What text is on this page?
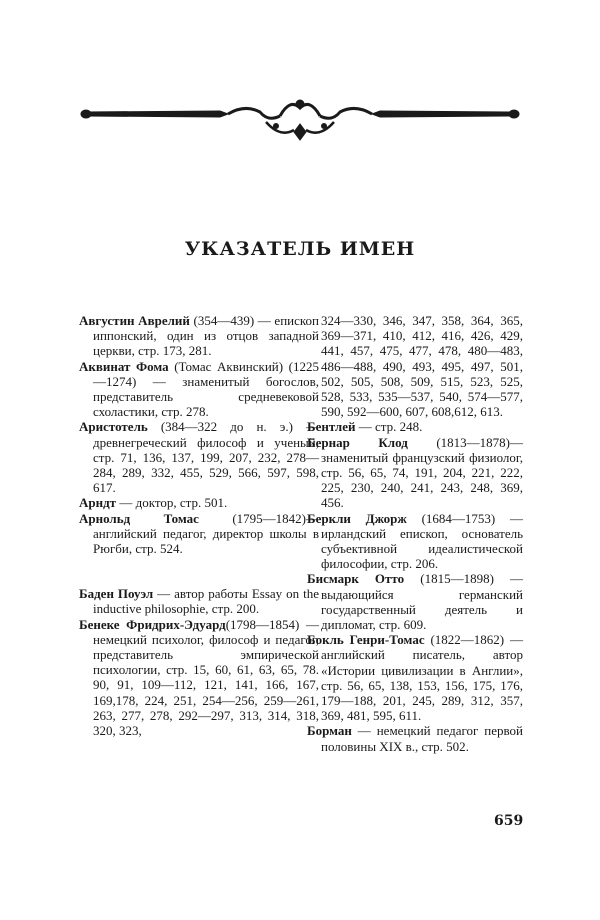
УКАЗАТЕЛЬ ИМЕН

Августин Аврелий (354—439) — епископ иппонский, один из отцов западной церкви, стр. 173, 281.

Аквинат Фома (Томас Аквинский) (1225—1274) — знаменитый богослов, представитель средневековой схоластики, стр. 278.

Аристотель (384—322 до н. э.) — древнегреческий философ и ученый, стр. 71, 136, 137, 199, 207, 232, 278—284, 289, 332, 455, 529, 566, 597, 598, 617.

Арндт — доктор, стр. 501.

Арнольд Томас (1795—1842)— английский педагог, директор школы в Рюгби, стр. 524.

Баден Поуэл — автор работы Essay on the inductive philosophie, стр. 200.

Бенеке Фридрих-Эдуард(1798—1854) — немецкий психолог, философ и педагог, представитель эмпирической психологии, стр. 15, 60, 61, 63, 65, 78. 90, 91, 109—112, 121, 141, 166, 167, 169,178, 224, 251, 254—256, 259—261, 263, 277, 278, 292—297, 313, 314, 318, 320, 323,

324—330, 346, 347, 358, 364, 365, 369—371, 410, 412, 416, 426, 429, 441, 457, 475, 477, 478, 480—483, 486—488, 490, 493, 495, 497, 501, 502, 505, 508, 509, 515, 523, 525, 528, 533, 535—537, 540, 574—577, 590, 592—600, 607, 608,612, 613.

Бентлей — стр. 248.

Бернар Клод (1813—1878)— знаменитый французский физиолог, стр. 56, 65, 74, 191, 204, 221, 222, 225, 230, 240, 241, 243, 248, 369, 456.

Беркли Джорж (1684—1753) —ирландский епископ, основатель субъективной идеалистической философии, стр. 206.

Бисмарк Отто (1815—1898) — выдающийся германский государственный деятель и дипломат, стр. 609.

Бокль Генри-Томас (1822—1862) —английский писатель, автор «Истории цивилизации в Англии», стр. 56, 65, 138, 153, 156, 175, 176, 179—188, 201, 245, 289, 312, 357, 369, 481, 595, 611.

Борман — немецкий педагог первой половины XIX в., стр. 502.

659
